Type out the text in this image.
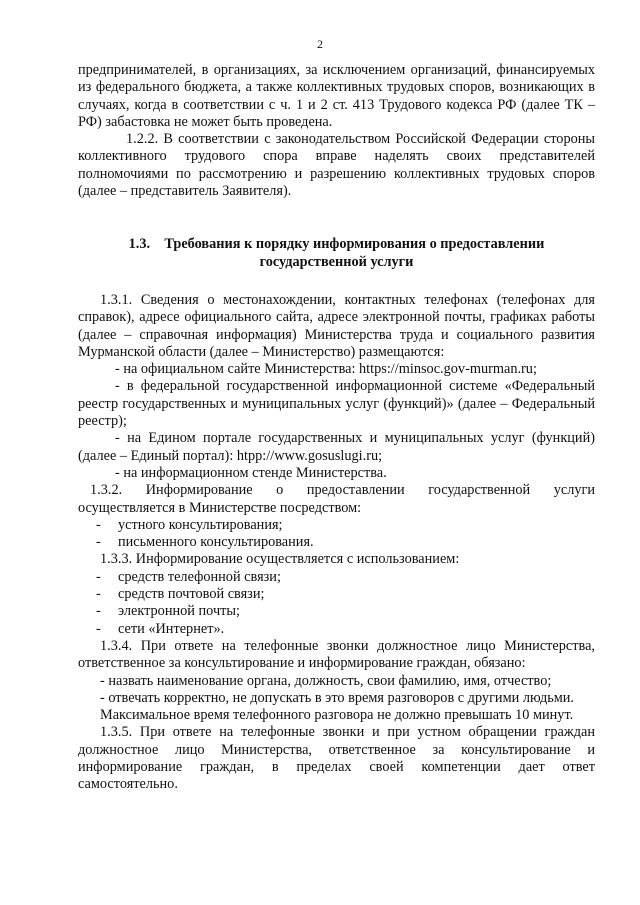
2

предпринимателей, в организациях, за исключением организаций, финансируемых из федерального бюджета, а также коллективных трудовых споров, возникающих в случаях, когда в соответствии с ч. 1 и 2 ст. 413 Трудового кодекса РФ (далее ТК – РФ) забастовка не может быть проведена.

1.2.2. В соответствии с законодательством Российской Федерации стороны коллективного трудового спора вправе наделять своих представителей полномочиями по рассмотрению и разрешению коллективных трудовых споров (далее – представитель Заявителя).

1.3. Требования к порядку информирования о предоставлении государственной услуги

1.3.1. Сведения о местонахождении, контактных телефонах (телефонах для справок), адресе официального сайта, адресе электронной почты, графиках работы (далее – справочная информация) Министерства труда и социального развития Мурманской области (далее – Министерство) размещаются:

- на официальном сайте Министерства: https://minsoc.gov-murman.ru;

- в федеральной государственной информационной системе «Федеральный реестр государственных и муниципальных услуг (функций)» (далее – Федеральный реестр);

- на Едином портале государственных и муниципальных услуг (функций) (далее – Единый портал): htpp://www.gosuslugi.ru;

- на информационном стенде Министерства.

1.3.2. Информирование о предоставлении государственной услуги осуществляется в Министерстве посредством:

- устного консультирования;

- письменного консультирования.

1.3.3. Информирование осуществляется с использованием:

- средств телефонной связи;

- средств почтовой связи;

- электронной почты;

- сети «Интернет».

1.3.4. При ответе на телефонные звонки должностное лицо Министерства, ответственное за консультирование и информирование граждан, обязано:

- назвать наименование органа, должность, свои фамилию, имя, отчество;

- отвечать корректно, не допускать в это время разговоров с другими людьми.

Максимальное время телефонного разговора не должно превышать 10 минут.

1.3.5. При ответе на телефонные звонки и при устном обращении граждан должностное лицо Министерства, ответственное за консультирование и информирование граждан, в пределах своей компетенции дает ответ самостоятельно.
